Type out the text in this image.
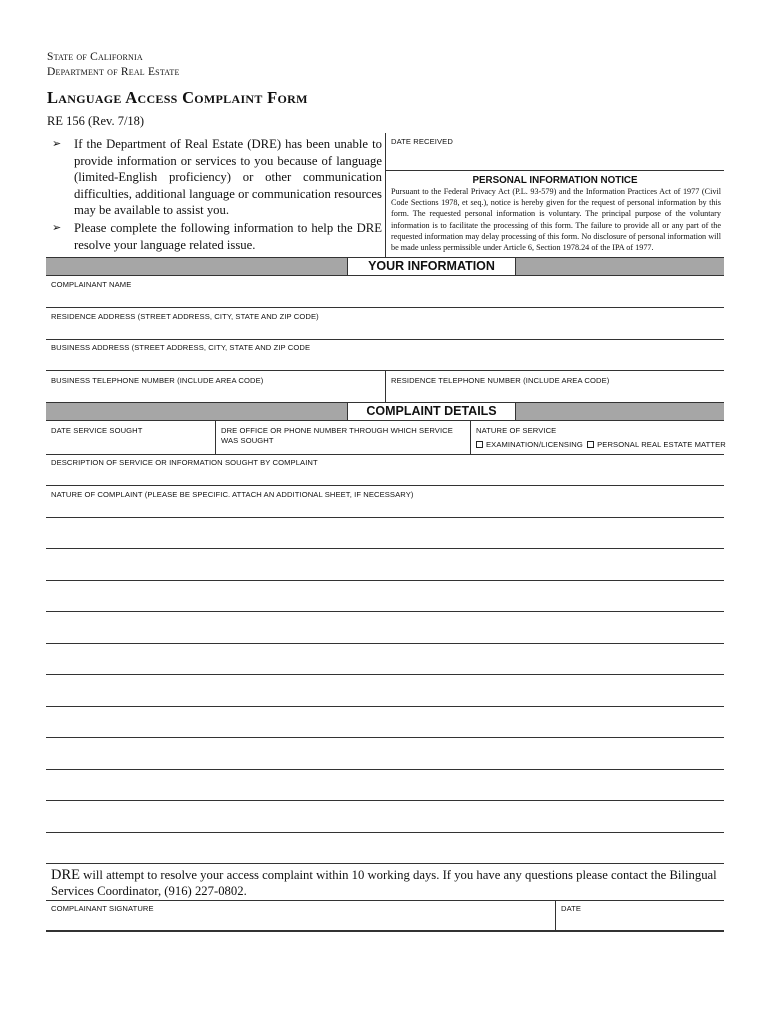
State of California
Department of Real Estate
Language Access Complaint Form
RE 156 (Rev. 7/18)
➢ If the Department of Real Estate (DRE) has been unable to provide information or services to you because of language (limited-English proficiency) or other communication difficulties, additional language or communication resources may be available to assist you.
➢ Please complete the following information to help the DRE resolve your language related issue.
DATE RECEIVED
PERSONAL INFORMATION NOTICE
Pursuant to the Federal Privacy Act (P.L. 93-579) and the Information Practices Act of 1977 (Civil Code Sections 1978, et seq.), notice is hereby given for the request of personal information by this form. The requested personal information is voluntary. The principal purpose of the voluntary information is to facilitate the processing of this form. The failure to provide all or any part of the requested information may delay processing of this form. No disclosure of personal information will be made unless permissible under Article 6, Section 1978.24 of the IPA of 1977.
YOUR INFORMATION
COMPLAINANT NAME
RESIDENCE ADDRESS (STREET ADDRESS, CITY, STATE AND ZIP CODE)
BUSINESS ADDRESS (STREET ADDRESS, CITY, STATE AND ZIP CODE
BUSINESS TELEPHONE NUMBER (INCLUDE AREA CODE)	RESIDENCE TELEPHONE NUMBER (INCLUDE AREA CODE)
COMPLAINT DETAILS
DATE SERVICE SOUGHT	DRE OFFICE OR PHONE NUMBER THROUGH WHICH SERVICE WAS SOUGHT
NATURE OF SERVICE
EXAMINATION/LICENSING PERSONAL REAL ESTATE MATTER
DESCRIPTION OF SERVICE OR INFORMATION SOUGHT BY COMPLAINT
NATURE OF COMPLAINT (PLEASE BE SPECIFIC. ATTACH AN ADDITIONAL SHEET, IF NECESSARY)
DRE will attempt to resolve your access complaint within 10 working days. If you have any questions please contact the Bilingual Services Coordinator, (916) 227-0802.
COMPLAINANT SIGNATURE	DATE
